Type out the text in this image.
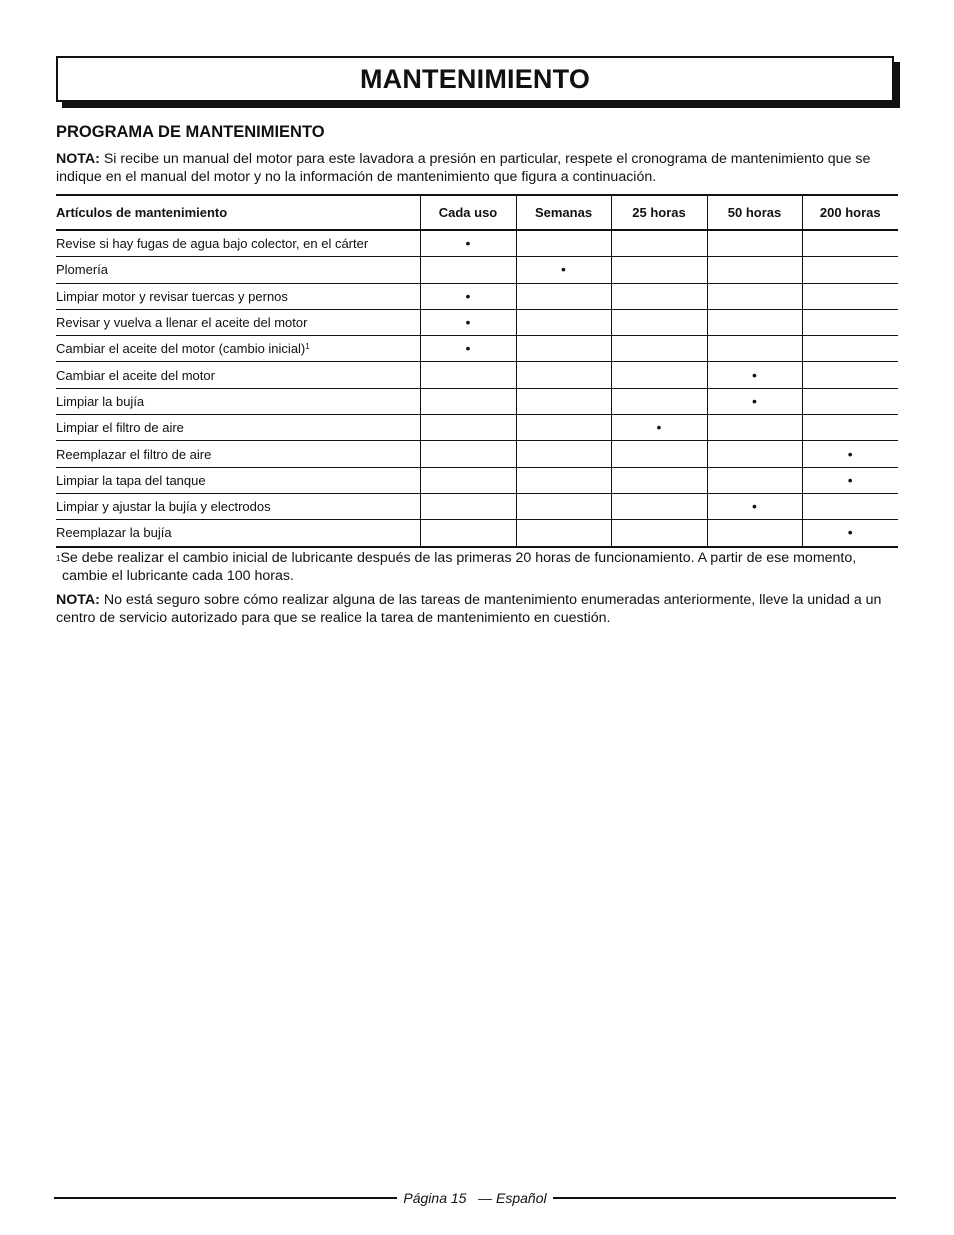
MANTENIMIENTO
PROGRAMA DE MANTENIMIENTO

NOTA: Si recibe un manual del motor para este lavadora a presión en particular, respete el cronograma de mantenimiento que se indique en el manual del motor y no la información de mantenimiento que figura a continuación.

Artículos de mantenimiento	Cada uso	Semanas	25 horas	50 horas	200 horas
Revise si hay fugas de agua bajo colector, en el cárter	•				
Plomería		•			
Limpiar motor y revisar tuercas y pernos	•				
Revisar y vuelva a llenar el aceite del motor	•				
Cambiar el aceite del motor (cambio inicial)$^1$	•				
Cambiar el aceite del motor				•	
Limpiar la bujía				•	
Limpiar el filtro de aire			•		
Reemplazar el filtro de aire					•
Limpiar la tapa del tanque					•
Limpiar y ajustar la bujía y electrodos				•	
Reemplazar la bujía					•

$^1$Se debe realizar el cambio inicial de lubricante después de las primeras 20 horas de funcionamiento. A partir de ese momento, cambie el lubricante cada 100 horas.

NOTA: No está seguro sobre cómo realizar alguna de las tareas de mantenimiento enumeradas anteriormente, lleve la unidad a un centro de servicio autorizado para que se realice la tarea de mantenimiento en cuestión.

Página 15 — Español
